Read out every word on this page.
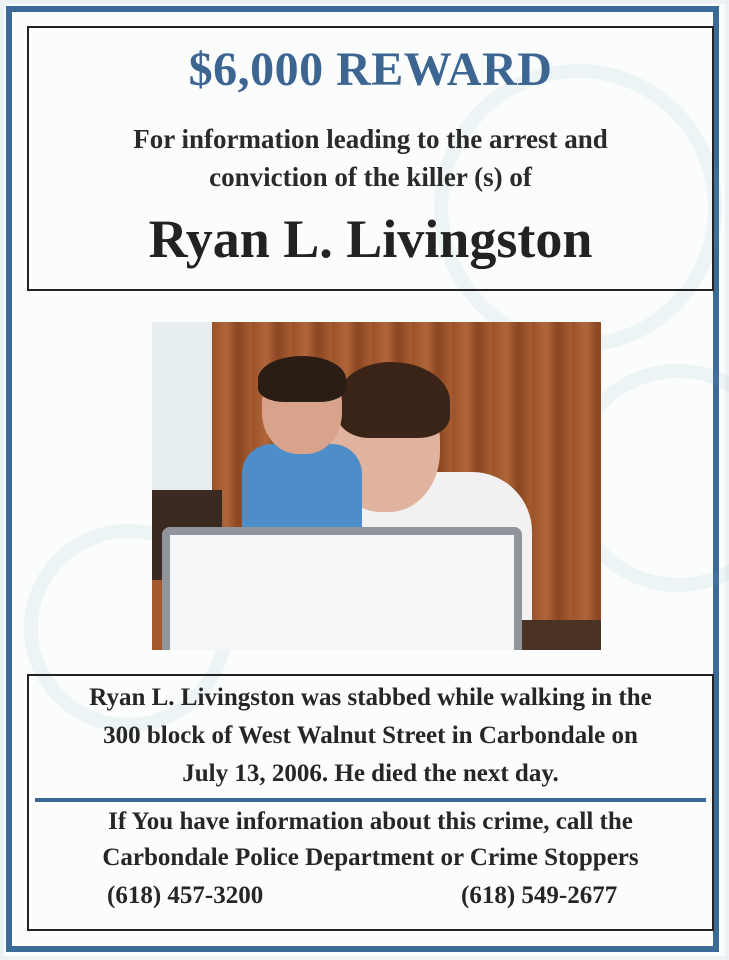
$6,000 REWARD
For information leading to the arrest and
conviction of the killer (s) of
Ryan L. Livingston
Ryan L. Livingston was stabbed while walking in the
300 block of West Walnut Street in Carbondale on
July 13, 2006. He died the next day.
If You have information about this crime, call the
Carbondale Police Department or Crime Stoppers
(618) 457-3200	(618) 549-2677
